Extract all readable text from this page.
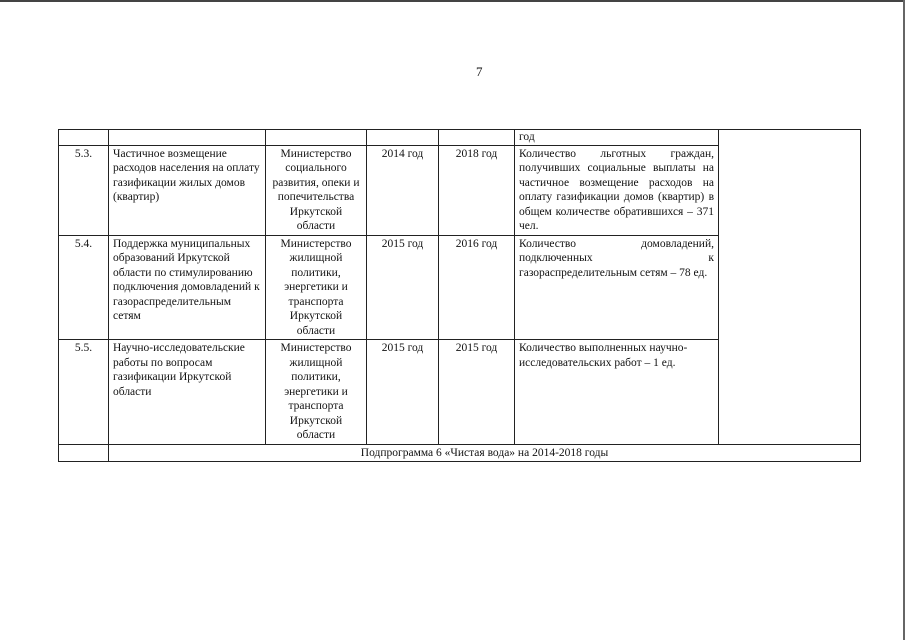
7
					год	
5.3.	Частичное возмещение расходов населения на оплату газификации жилых домов (квартир)	Министерство социального развития, опеки и попечительства Иркутской области	2014 год	2018 год	Количество льготных граждан, получивших социальные выплаты на частичное возмещение расходов на оплату газификации домов (квартир) в общем количестве обратившихся – 371 чел.	
5.4.	Поддержка муниципальных образований Иркутской области по стимулированию подключения домовладений к газораспределительным сетям	Министерство жилищной политики, энергетики и транспорта Иркутской области	2015 год	2016 год	Количество домовладений, подключенных к газораспределительным сетям – 78 ед.	
5.5.	Научно-исследовательские работы по вопросам газификации Иркутской области	Министерство жилищной политики, энергетики и транспорта Иркутской области	2015 год	2015 год	Количество выполненных научно-исследовательских работ – 1 ед.	
	Подпрограмма 6 «Чистая вода» на 2014-2018 годы					
